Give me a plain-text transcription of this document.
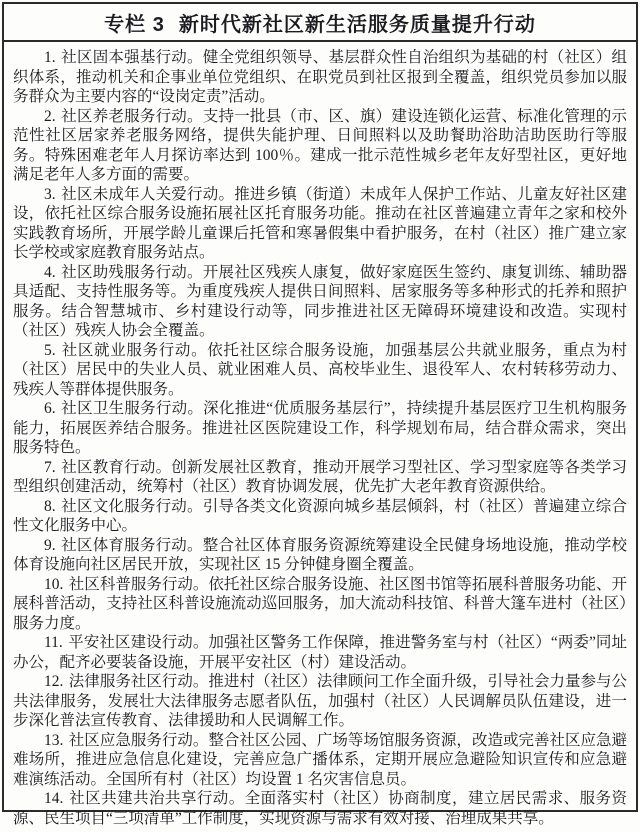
专栏 3 新时代新社区新生活服务质量提升行动

1. 社区固本强基行动。健全党组织领导、基层群众性自治组织为基础的村（社区）组织体系，推动机关和企事业单位党组织、在职党员到社区报到全覆盖，组织党员参加以服务群众为主要内容的“设岗定责”活动。

2. 社区养老服务行动。支持一批县（市、区、旗）建设连锁化运营、标准化管理的示范性社区居家养老服务网络，提供失能护理、日间照料以及助餐助浴助洁助医助行等服务。特殊困难老年人月探访率达到 100％。建成一批示范性城乡老年友好型社区，更好地满足老年人多方面的需要。

3. 社区未成年人关爱行动。推进乡镇（街道）未成年人保护工作站、儿童友好社区建设，依托社区综合服务设施拓展社区托育服务功能。推动在社区普遍建立青年之家和校外实践教育场所，开展学龄儿童课后托管和寒暑假集中看护服务，在村（社区）推广建立家长学校或家庭教育服务站点。

4. 社区助残服务行动。开展社区残疾人康复，做好家庭医生签约、康复训练、辅助器具适配、支持性服务等。为重度残疾人提供日间照料、居家服务等多种形式的托养和照护服务。结合智慧城市、乡村建设行动等，同步推进社区无障碍环境建设和改造。实现村（社区）残疾人协会全覆盖。

5. 社区就业服务行动。依托社区综合服务设施，加强基层公共就业服务，重点为村（社区）居民中的失业人员、就业困难人员、高校毕业生、退役军人、农村转移劳动力、残疾人等群体提供服务。

6. 社区卫生服务行动。深化推进“优质服务基层行”，持续提升基层医疗卫生机构服务能力，拓展医养结合服务。推进社区医院建设工作，科学规划布局，结合群众需求，突出服务特色。

7. 社区教育行动。创新发展社区教育，推动开展学习型社区、学习型家庭等各类学习型组织创建活动，统筹村（社区）教育协调发展，优先扩大老年教育资源供给。

8. 社区文化服务行动。引导各类文化资源向城乡基层倾斜，村（社区）普遍建立综合性文化服务中心。

9. 社区体育服务行动。整合社区体育服务资源统筹建设全民健身场地设施，推动学校体育设施向社区居民开放，实现社区 15 分钟健身圈全覆盖。

10. 社区科普服务行动。依托社区综合服务设施、社区图书馆等拓展科普服务功能、开展科普活动，支持社区科普设施流动巡回服务，加大流动科技馆、科普大篷车进村（社区）服务力度。

11. 平安社区建设行动。加强社区警务工作保障，推进警务室与村（社区）“两委”同址办公，配齐必要装备设施，开展平安社区（村）建设活动。

12. 法律服务社区行动。推进村（社区）法律顾问工作全面升级，引导社会力量参与公共法律服务，发展壮大法律服务志愿者队伍，加强村（社区）人民调解员队伍建设，进一步深化普法宣传教育、法律援助和人民调解工作。

13. 社区应急服务行动。整合社区公园、广场等场馆服务资源，改造或完善社区应急避难场所，推进应急信息化建设，完善应急广播体系，定期开展应急避险知识宣传和应急避难演练活动。全国所有村（社区）均设置 1 名灾害信息员。

14. 社区共建共治共享行动。全面落实村（社区）协商制度，建立居民需求、服务资源、民生项目“三项清单”工作制度，实现资源与需求有效对接、治理成果共享。
